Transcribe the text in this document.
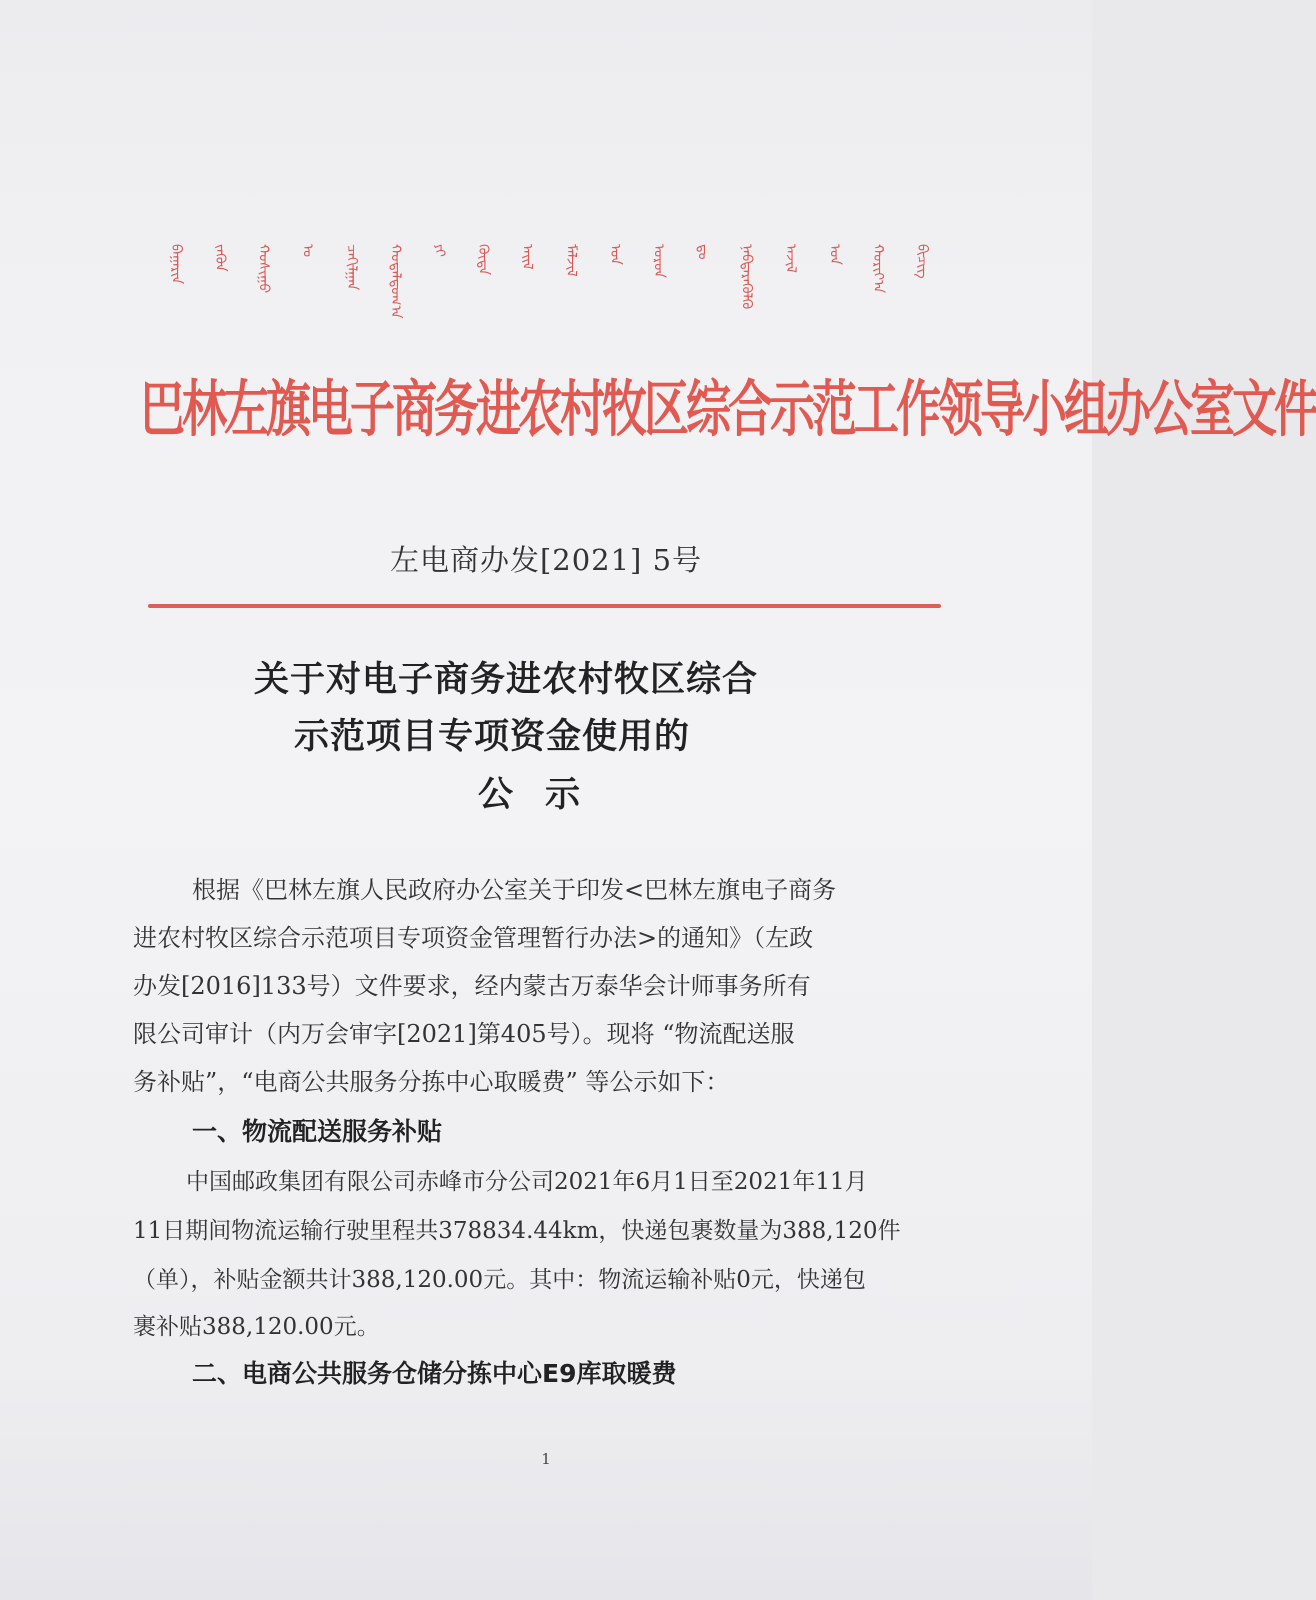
ᠪᠠᠭᠠᠷᠢᠨ ᠵᠡᠭᠦᠨ ᠬᠣᠰᠢᠭᠤ ᠤ ᠴᠠᠬᠢᠯᠭᠠᠨ ᠬᠤᠳᠠᠯᠳᠤᠭ᠎ᠠ ᠶᠢ ᠬᠥᠳᠡ ᠠᠢᠯ ᠮᠠᠯᠵᠢᠯ ᠤᠨ ᠣᠷᠣᠨ ᠳᠤ ᠨᠡᠪᠳᠡᠷᠡᠭᠦᠯᠬᠦ ᠠᠵᠢᠯ ᠤᠨ ᠬᠣᠷᠢᠶ᠎ᠠ ᠪᠢᠴᠢᠭ
巴林左旗电子商务进农村牧区综合示范工作领导小组办公室文件
左电商办发[2021] 5号
关于对电子商务进农村牧区综合
示范项目专项资金使用的
公示
根据《巴林左旗人民政府办公室关于印发<巴林左旗电子商务
进农村牧区综合示范项目专项资金管理暂行办法>的通知》（左政
办发[2016]133号）文件要求，经内蒙古万泰华会计师事务所有
限公司审计（内万会审字[2021]第405号）。现将 “物流配送服
务补贴”，“电商公共服务分拣中心取暖费” 等公示如下：
一、物流配送服务补贴
中国邮政集团有限公司赤峰市分公司2021年6月1日至2021年11月
11日期间物流运输行驶里程共378834.44km，快递包裹数量为388,120件
（单），补贴金额共计388,120.00元。其中：物流运输补贴0元，快递包
裹补贴388,120.00元。
二、电商公共服务仓储分拣中心E9库取暖费
1
